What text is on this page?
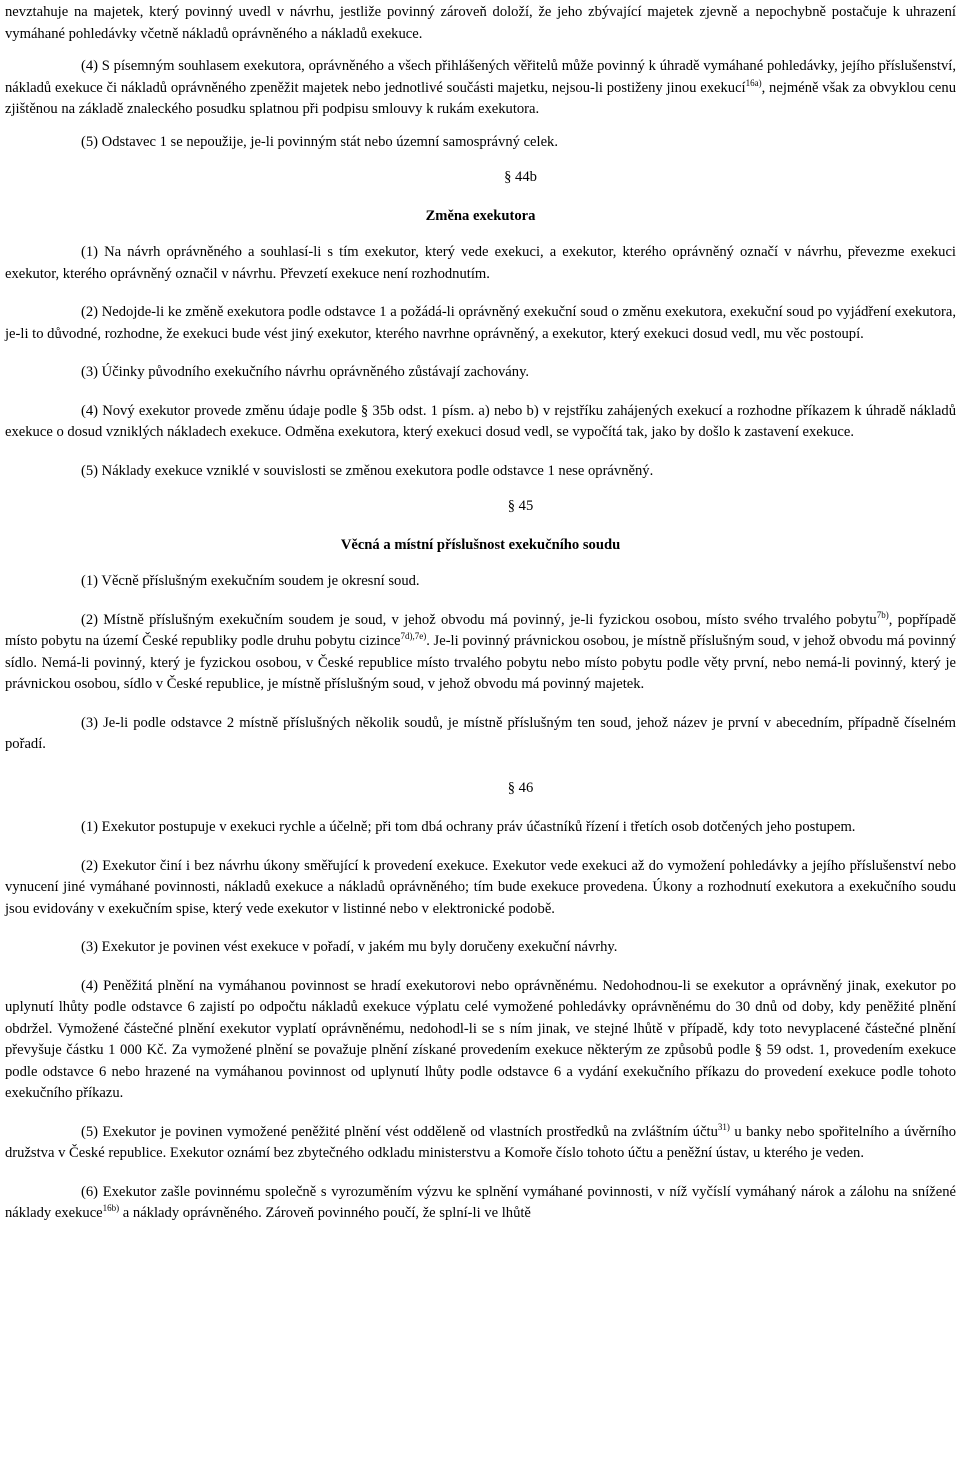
nevztahuje na majetek, který povinný uvedl v návrhu, jestliže povinný zároveň doloží, že jeho zbývající majetek zjevně a nepochybně postačuje k uhrazení vymáhané pohledávky včetně nákladů oprávněného a nákladů exekuce.

(4) S písemným souhlasem exekutora, oprávněného a všech přihlášených věřitelů může povinný k úhradě vymáhané pohledávky, jejího příslušenství, nákladů exekuce či nákladů oprávněného zpeněžit majetek nebo jednotlivé součásti majetku, nejsou-li postiženy jinou exekucí$^{16a)}$, nejméně však za obvyklou cenu zjištěnou na základě znaleckého posudku splatnou při podpisu smlouvy k rukám exekutora.

(5) Odstavec 1 se nepoužije, je-li povinným stát nebo územní samosprávný celek.

§ 44b

Změna exekutora

(1) Na návrh oprávněného a souhlasí-li s tím exekutor, který vede exekuci, a exekutor, kterého oprávněný označí v návrhu, převezme exekuci exekutor, kterého oprávněný označil v návrhu. Převzetí exekuce není rozhodnutím.

(2) Nedojde-li ke změně exekutora podle odstavce 1 a požádá-li oprávněný exekuční soud o změnu exekutora, exekuční soud po vyjádření exekutora, je-li to důvodné, rozhodne, že exekuci bude vést jiný exekutor, kterého navrhne oprávněný, a exekutor, který exekuci dosud vedl, mu věc postoupí.

(3) Účinky původního exekučního návrhu oprávněného zůstávají zachovány.

(4) Nový exekutor provede změnu údaje podle § 35b odst. 1 písm. a) nebo b) v rejstříku zahájených exekucí a rozhodne příkazem k úhradě nákladů exekuce o dosud vzniklých nákladech exekuce. Odměna exekutora, který exekuci dosud vedl, se vypočítá tak, jako by došlo k zastavení exekuce.

(5) Náklady exekuce vzniklé v souvislosti se změnou exekutora podle odstavce 1 nese oprávněný.

§ 45

Věcná a místní příslušnost exekučního soudu

(1) Věcně příslušným exekučním soudem je okresní soud.

(2) Místně příslušným exekučním soudem je soud, v jehož obvodu má povinný, je-li fyzickou osobou, místo svého trvalého pobytu$^{7b)}$, popřípadě místo pobytu na území České republiky podle druhu pobytu cizince$^{7d),7e)}$. Je-li povinný právnickou osobou, je místně příslušným soud, v jehož obvodu má povinný sídlo. Nemá-li povinný, který je fyzickou osobou, v České republice místo trvalého pobytu nebo místo pobytu podle věty první, nebo nemá-li povinný, který je právnickou osobou, sídlo v České republice, je místně příslušným soud, v jehož obvodu má povinný majetek.

(3) Je-li podle odstavce 2 místně příslušných několik soudů, je místně příslušným ten soud, jehož název je první v abecedním, případně číselném pořadí.

§ 46

(1) Exekutor postupuje v exekuci rychle a účelně; při tom dbá ochrany práv účastníků řízení i třetích osob dotčených jeho postupem.

(2) Exekutor činí i bez návrhu úkony směřující k provedení exekuce. Exekutor vede exekuci až do vymožení pohledávky a jejího příslušenství nebo vynucení jiné vymáhané povinnosti, nákladů exekuce a nákladů oprávněného; tím bude exekuce provedena. Úkony a rozhodnutí exekutora a exekučního soudu jsou evidovány v exekučním spise, který vede exekutor v listinné nebo v elektronické podobě.

(3) Exekutor je povinen vést exekuce v pořadí, v jakém mu byly doručeny exekuční návrhy.

(4) Peněžitá plnění na vymáhanou povinnost se hradí exekutorovi nebo oprávněnému. Nedohodnou-li se exekutor a oprávněný jinak, exekutor po uplynutí lhůty podle odstavce 6 zajistí po odpočtu nákladů exekuce výplatu celé vymožené pohledávky oprávněnému do 30 dnů od doby, kdy peněžité plnění obdržel. Vymožené částečné plnění exekutor vyplatí oprávněnému, nedohodl-li se s ním jinak, ve stejné lhůtě v případě, kdy toto nevyplacené částečné plnění převyšuje částku 1 000 Kč. Za vymožené plnění se považuje plnění získané provedením exekuce některým ze způsobů podle § 59 odst. 1, provedením exekuce podle odstavce 6 nebo hrazené na vymáhanou povinnost od uplynutí lhůty podle odstavce 6 a vydání exekučního příkazu do provedení exekuce podle tohoto exekučního příkazu.

(5) Exekutor je povinen vymožené peněžité plnění vést odděleně od vlastních prostředků na zvláštním účtu$^{31)}$ u banky nebo spořitelního a úvěrního družstva v České republice. Exekutor oznámí bez zbytečného odkladu ministerstvu a Komoře číslo tohoto účtu a peněžní ústav, u kterého je veden.

(6) Exekutor zašle povinnému společně s vyrozuměním výzvu ke splnění vymáhané povinnosti, v níž vyčíslí vymáhaný nárok a zálohu na snížené náklady exekuce$^{16b)}$ a náklady oprávněného. Zároveň povinného poučí, že splní-li ve lhůtě
